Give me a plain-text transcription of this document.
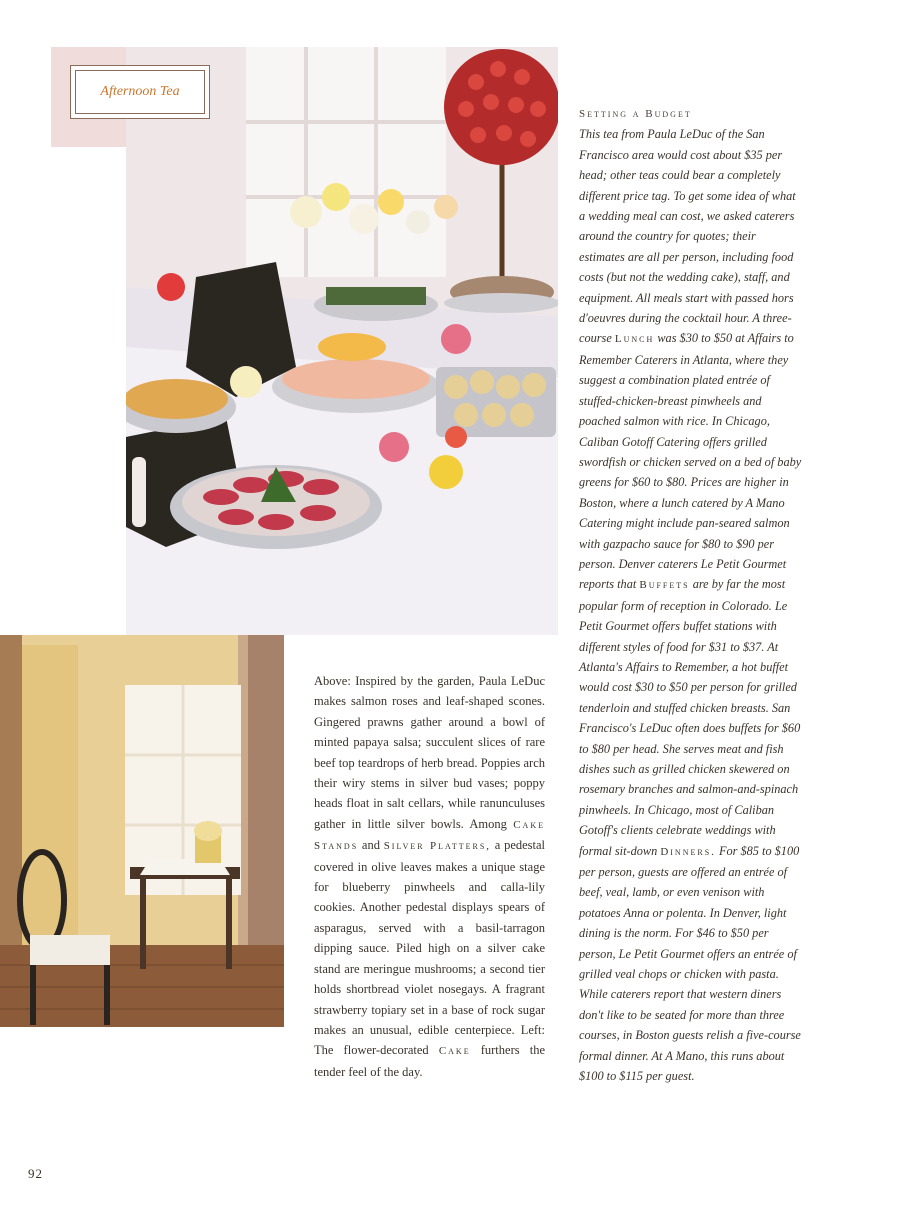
Afternoon Tea
Above: Inspired by the garden, Paula LeDuc makes salmon roses and leaf-shaped scones. Gingered prawns gather around a bowl of minted papaya salsa; succulent slices of rare beef top teardrops of herb bread. Poppies arch their wiry stems in silver bud vases; poppy heads float in salt cellars, while ranunculuses gather in little silver bowls. Among Cake Stands and Silver Platters, a pedestal covered in olive leaves makes a unique stage for blueberry pinwheels and calla-lily cookies. Another pedestal displays spears of asparagus, served with a basil-tarragon dipping sauce. Piled high on a silver cake stand are meringue mushrooms; a second tier holds shortbread violet nosegays. A fragrant strawberry topiary set in a base of rock sugar makes an unusual, edible centerpiece. Left: The flower-decorated Cake furthers the tender feel of the day.
Setting a Budget
This tea from Paula LeDuc of the San Francisco area would cost about $35 per head; other teas could bear a completely different price tag. To get some idea of what a wedding meal can cost, we asked caterers around the country for quotes; their estimates are all per person, including food costs (but not the wedding cake), staff, and equipment. All meals start with passed hors d'oeuvres during the cocktail hour. A three-course Lunch was $30 to $50 at Affairs to Remember Caterers in Atlanta, where they suggest a combination plated entrée of stuffed-chicken-breast pinwheels and poached salmon with rice. In Chicago, Caliban Gotoff Catering offers grilled swordfish or chicken served on a bed of baby greens for $60 to $80. Prices are higher in Boston, where a lunch catered by A Mano Catering might include pan-seared salmon with gazpacho sauce for $80 to $90 per person. Denver caterers Le Petit Gourmet reports that Buffets are by far the most popular form of reception in Colorado. Le Petit Gourmet offers buffet stations with different styles of food for $31 to $37. At Atlanta's Affairs to Remember, a hot buffet would cost $30 to $50 per person for grilled tenderloin and stuffed chicken breasts. San Francisco's LeDuc often does buffets for $60 to $80 per head. She serves meat and fish dishes such as grilled chicken skewered on rosemary branches and salmon-and-spinach pinwheels. In Chicago, most of Caliban Gotoff's clients celebrate weddings with formal sit-down Dinners. For $85 to $100 per person, guests are offered an entrée of beef, veal, lamb, or even venison with potatoes Anna or polenta. In Denver, light dining is the norm. For $46 to $50 per person, Le Petit Gourmet offers an entrée of grilled veal chops or chicken with pasta. While caterers report that western diners don't like to be seated for more than three courses, in Boston guests relish a five-course formal dinner. At A Mano, this runs about $100 to $115 per guest.
92
